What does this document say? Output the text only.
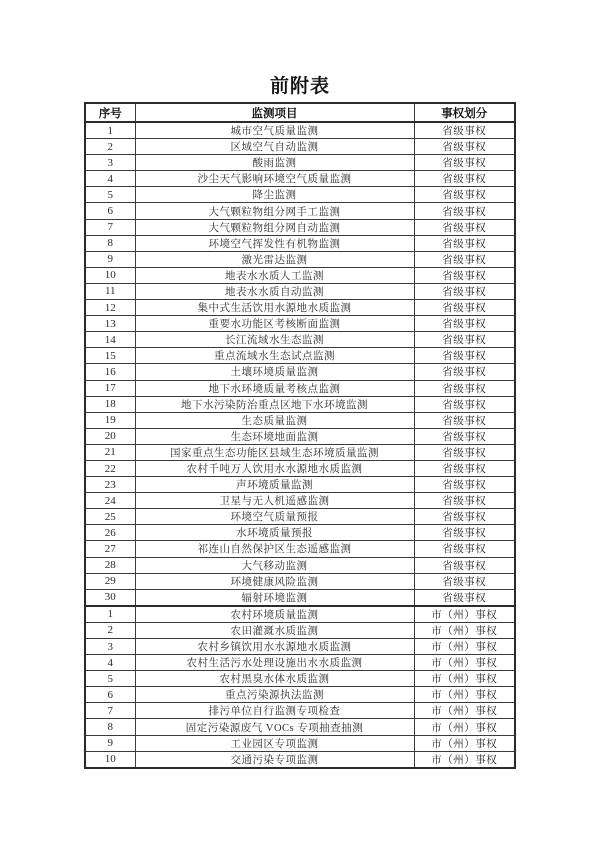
前附表
序号	监测项目	事权划分
1	城市空气质量监测	省级事权
2	区域空气自动监测	省级事权
3	酸雨监测	省级事权
4	沙尘天气影响环境空气质量监测	省级事权
5	降尘监测	省级事权
6	大气颗粒物组分网手工监测	省级事权
7	大气颗粒物组分网自动监测	省级事权
8	环境空气挥发性有机物监测	省级事权
9	激光雷达监测	省级事权
10	地表水水质人工监测	省级事权
11	地表水水质自动监测	省级事权
12	集中式生活饮用水源地水质监测	省级事权
13	重要水功能区考核断面监测	省级事权
14	长江流域水生态监测	省级事权
15	重点流域水生态试点监测	省级事权
16	土壤环境质量监测	省级事权
17	地下水环境质量考核点监测	省级事权
18	地下水污染防治重点区地下水环境监测	省级事权
19	生态质量监测	省级事权
20	生态环境地面监测	省级事权
21	国家重点生态功能区县域生态环境质量监测	省级事权
22	农村千吨万人饮用水水源地水质监测	省级事权
23	声环境质量监测	省级事权
24	卫星与无人机遥感监测	省级事权
25	环境空气质量预报	省级事权
26	水环境质量预报	省级事权
27	祁连山自然保护区生态遥感监测	省级事权
28	大气移动监测	省级事权
29	环境健康风险监测	省级事权
30	辐射环境监测	省级事权
1	农村环境质量监测	市（州）事权
2	农田灌溉水质监测	市（州）事权
3	农村乡镇饮用水水源地水质监测	市（州）事权
4	农村生活污水处理设施出水水质监测	市（州）事权
5	农村黑臭水体水质监测	市（州）事权
6	重点污染源执法监测	市（州）事权
7	排污单位自行监测专项检查	市（州）事权
8	固定污染源废气 VOCs 专项抽查抽测	市（州）事权
9	工业园区专项监测	市（州）事权
10	交通污染专项监测	市（州）事权
